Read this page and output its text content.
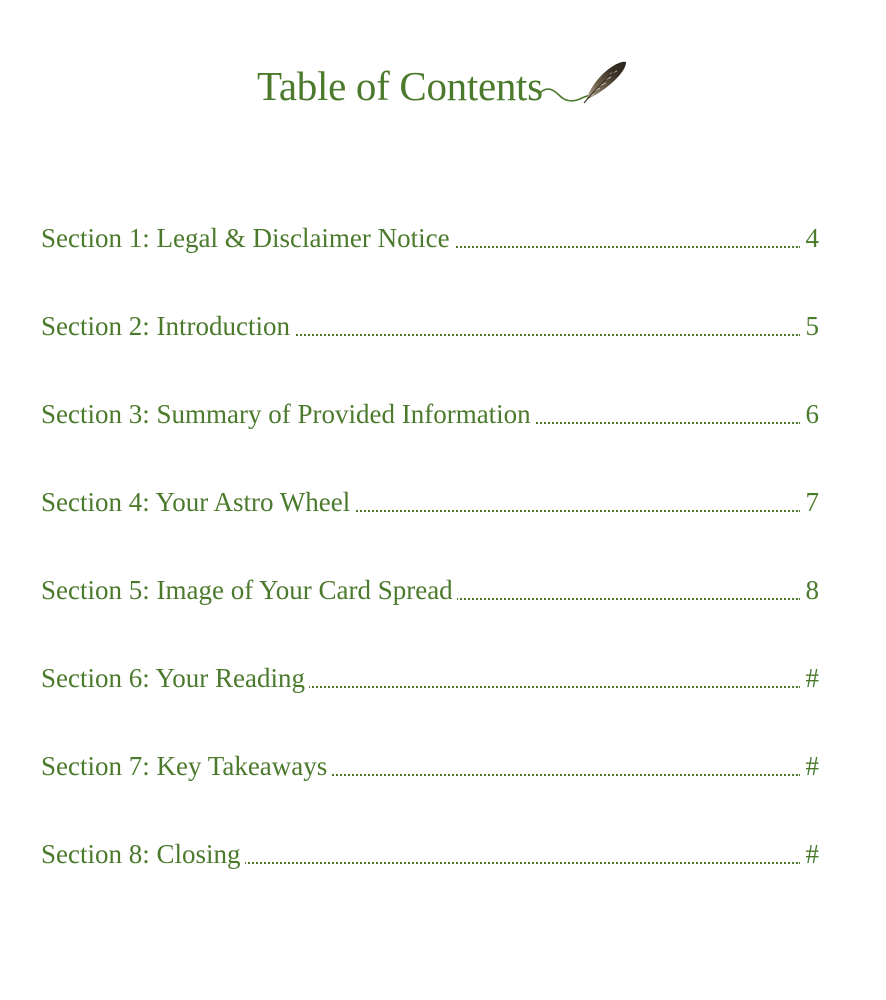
Table of Contents
Section 1: Legal & Disclaimer Notice	4
Section 2: Introduction	5
Section 3: Summary of Provided Information	6
Section 4: Your Astro Wheel	7
Section 5: Image of Your Card Spread	8
Section 6: Your Reading	#
Section 7: Key Takeaways	#
Section 8: Closing	#
